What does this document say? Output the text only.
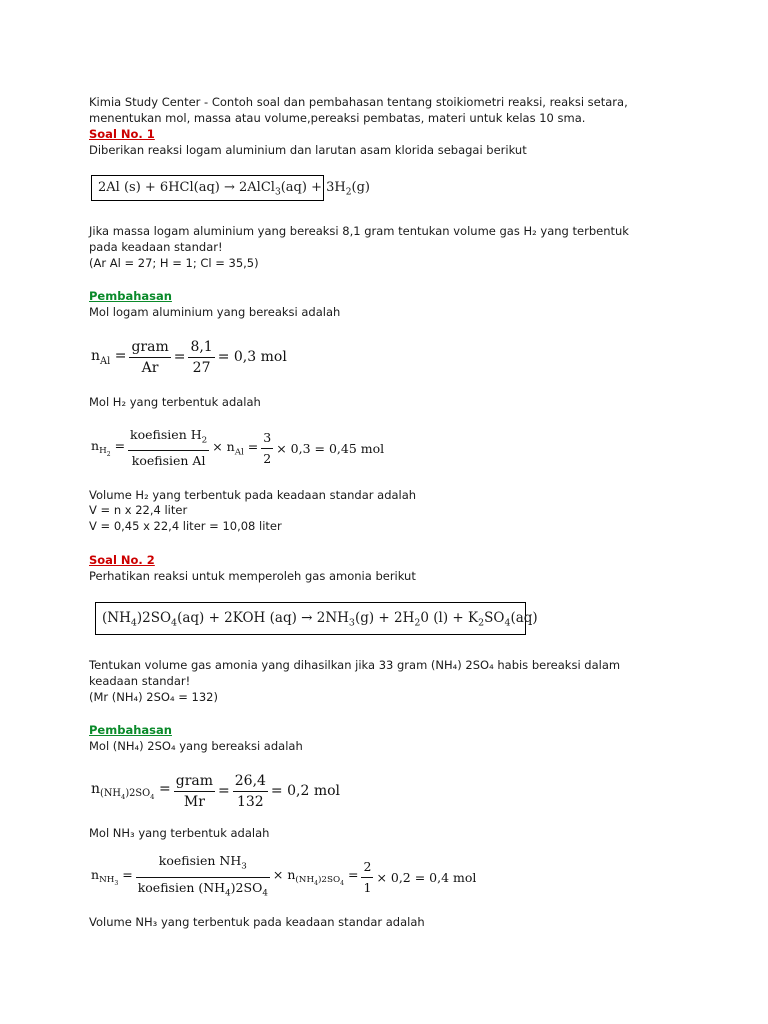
Kimia Study Center - Contoh soal dan pembahasan tentang stoikiometri reaksi, reaksi setara,
menentukan mol, massa atau volume,pereaksi pembatas, materi untuk kelas 10 sma.
Soal No. 1
Diberikan reaksi logam aluminium dan larutan asam klorida sebagai berikut
2Al (s) + 6HCl(aq) → 2AlCl$_3$(aq) + $3H_2(g)$
Jika massa logam aluminium yang bereaksi 8,1 gram tentukan volume gas H₂ yang terbentuk
pada keadaan standar!
(Ar Al = 27; H = 1; Cl = 35,5)
Pembahasan
Mol logam aluminium yang bereaksi adalah
$n_{Al} = \frac{\text{gram}}{Ar} = \frac{8,1}{27} = 0,3$ mol
Mol H₂ yang terbentuk adalah
$n_{H_2} = \frac{koefisien H_2}{\text{koefisien Al}} \times n_{Al} = \frac{3}{2} \times 0,3 = 0,45$ mol
Volume H₂ yang terbentuk pada keadaan standar adalah
V = n x 22,4 liter
V = 0,45 x 22,4 liter = 10,08 liter
Soal No. 2
Perhatikan reaksi untuk memperoleh gas amonia berikut
$(NH_4)2SO_4(aq) + 2KOH$ $(aq) \to 2NH_3(g) + 2H_20$ $(l) + K_2SO_4(aq)$
Tentukan volume gas amonia yang dihasilkan jika 33 gram (NH₄) 2SO₄ habis bereaksi dalam
keadaan standar!
(Mr (NH₄) 2SO₄ = 132)
Pembahasan
Mol (NH₄) 2SO₄ yang bereaksi adalah
$n_{(NH_4)2SO_4} = \frac{\text{gram}}{Mr} = \frac{26,4}{132} = 0,2$ mol
Mol NH₃ yang terbentuk adalah
$n_{NH_3} = \frac{koefisien NH_3}{koefisien (NH_4)2SO_4} \times n_{(NH_4)2SO_4} = \frac{2}{1} \times 0,2 = 0,4$ mol
Volume NH₃ yang terbentuk pada keadaan standar adalah
